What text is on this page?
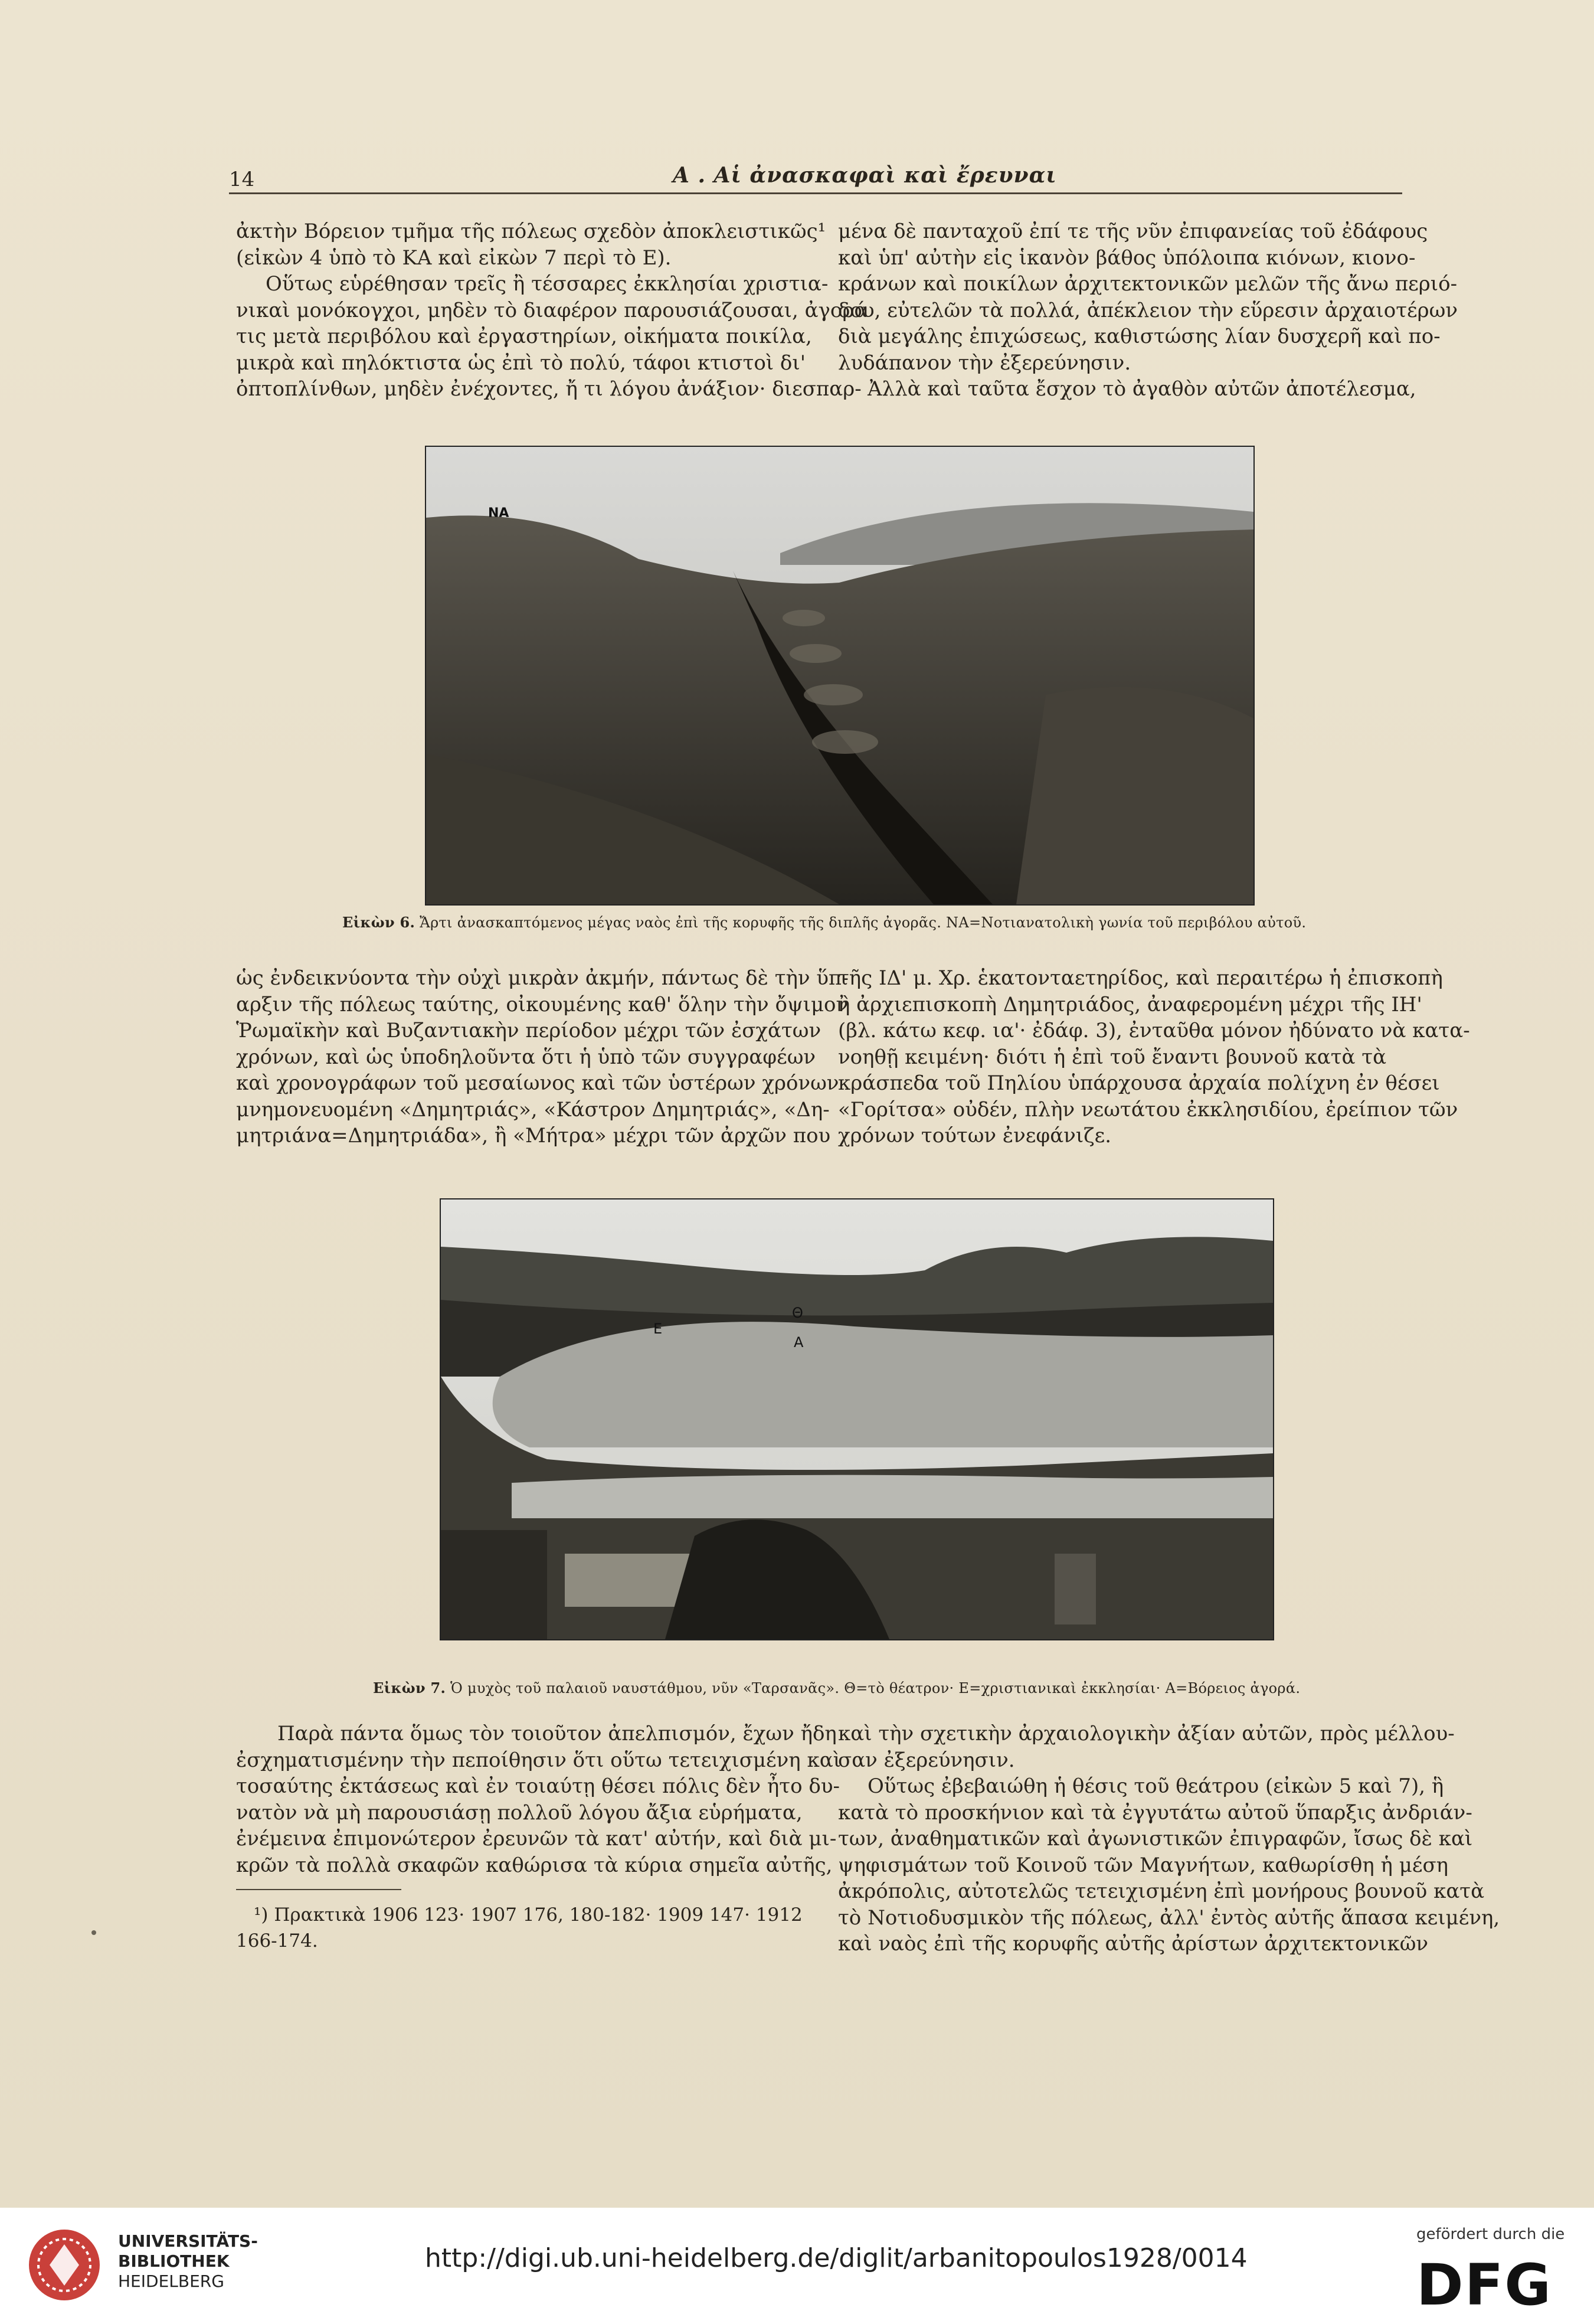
14	Α . Αἱ ἀνασκαφαὶ καὶ ἔρευναι
ἀκτὴν Βόρειον τμῆμα τῆς πόλεως σχεδὸν ἀποκλειστικῶς¹
(εἰκὼν 4 ὑπὸ τὸ ΚΑ καὶ εἰκὼν 7 περὶ τὸ Ε).
Οὕτως εὑρέθησαν τρεῖς ἢ τέσσαρες ἐκκλησίαι χριστια-
νικαὶ μονόκογχοι, μηδὲν τὸ διαφέρον παρουσιάζουσαι, ἀγορά
τις μετὰ περιβόλου καὶ ἐργαστηρίων, οἰκήματα ποικίλα,
μικρὰ καὶ πηλόκτιστα ὡς ἐπὶ τὸ πολύ, τάφοι κτιστοὶ δι'
ὀπτοπλίνθων, μηδὲν ἐνέχοντες, ἤ τι λόγου ἀνάξιον· διεσπαρ-
μένα δὲ πανταχοῦ ἐπί τε τῆς νῦν ἐπιφανείας τοῦ ἐδάφους
καὶ ὑπ' αὐτὴν εἰς ἱκανὸν βάθος ὑπόλοιπα κιόνων, κιονο-
κράνων καὶ ποικίλων ἀρχιτεκτονικῶν μελῶν τῆς ἄνω περιό-
δου, εὐτελῶν τὰ πολλά, ἀπέκλειον τὴν εὕρεσιν ἀρχαιοτέρων
διὰ μεγάλης ἐπιχώσεως, καθιστώσης λίαν δυσχερῆ καὶ πο-
λυδάπανον τὴν ἐξερεύνησιν.
Ἀλλὰ καὶ ταῦτα ἔσχον τὸ ἀγαθὸν αὐτῶν ἀποτέλεσμα,
ΝΑ
Εἰκὼν 6. Ἄρτι ἀνασκαπτόμενος μέγας ναὸς ἐπὶ τῆς κορυφῆς τῆς διπλῆς ἀγορᾶς. ΝΑ=Νοτιανατολικὴ γωνία τοῦ περιβόλου αὐτοῦ.
ὡς ἐνδεικνύοντα τὴν οὐχὶ μικρὰν ἀκμήν, πάντως δὲ τὴν ὕπ-
αρξιν τῆς πόλεως ταύτης, οἰκουμένης καθ' ὅλην τὴν ὄψιμον
Ῥωμαϊκὴν καὶ Βυζαντιακὴν περίοδον μέχρι τῶν ἐσχάτων
χρόνων, καὶ ὡς ὑποδηλοῦντα ὅτι ἡ ὑπὸ τῶν συγγραφέων
καὶ χρονογράφων τοῦ μεσαίωνος καὶ τῶν ὑστέρων χρόνων
μνημονευομένη «Δημητριάς», «Κάστρον Δημητριάς», «Δη-
μητριάνα=Δημητριάδα», ἢ «Μήτρα» μέχρι τῶν ἀρχῶν που
τῆς ΙΔ' μ. Χρ. ἑκατονταετηρίδος, καὶ περαιτέρω ἡ ἐπισκοπὴ
ἢ ἀρχιεπισκοπὴ Δημητριάδος, ἀναφερομένη μέχρι τῆς ΙΗ'
(βλ. κάτω κεφ. ια'· ἐδάφ. 3), ἐνταῦθα μόνον ἠδύνατο νὰ κατα-
νοηθῇ κειμένη· διότι ἡ ἐπὶ τοῦ ἔναντι βουνοῦ κατὰ τὰ
κράσπεδα τοῦ Πηλίου ὑπάρχουσα ἀρχαία πολίχνη ἐν θέσει
«Γορίτσα» οὐδέν, πλὴν νεωτάτου ἐκκλησιδίου, ἐρείπιον τῶν
χρόνων τούτων ἐνεφάνιζε.
Ε
Θ
Α
Εἰκὼν 7. Ὁ μυχὸς τοῦ παλαιοῦ ναυστάθμου, νῦν «Ταρσανᾶς». Θ=τὸ θέατρον· Ε=χριστιανικαὶ ἐκκλησίαι· Α=Βόρειος ἀγορά.
Παρὰ πάντα ὅμως τὸν τοιοῦτον ἀπελπισμόν, ἔχων ἤδη
ἐσχηματισμένην τὴν πεποίθησιν ὅτι οὕτω τετειχισμένη καὶ
τοσαύτης ἐκτάσεως καὶ ἐν τοιαύτῃ θέσει πόλις δὲν ἦτο δυ-
νατὸν νὰ μὴ παρουσιάσῃ πολλοῦ λόγου ἄξια εὑρήματα,
ἐνέμεινα ἐπιμονώτερον ἐρευνῶν τὰ κατ' αὐτήν, καὶ διὰ μι-
κρῶν τὰ πολλὰ σκαφῶν καθώρισα τὰ κύρια σημεῖα αὐτῆς,
καὶ τὴν σχετικὴν ἀρχαιολογικὴν ἀξίαν αὐτῶν, πρὸς μέλλου-
σαν ἐξερεύνησιν.
Οὕτως ἐβεβαιώθη ἡ θέσις τοῦ θεάτρου (εἰκὼν 5 καὶ 7), ἣ
κατὰ τὸ προσκήνιον καὶ τὰ ἐγγυτάτω αὐτοῦ ὕπαρξις ἀνδριάν-
των, ἀναθηματικῶν καὶ ἀγωνιστικῶν ἐπιγραφῶν, ἴσως δὲ καὶ
ψηφισμάτων τοῦ Κοινοῦ τῶν Μαγνήτων, καθωρίσθη ἡ μέση
ἀκρόπολις, αὐτοτελῶς τετειχισμένη ἐπὶ μονήρους βουνοῦ κατὰ
τὸ Νοτιοδυσμικὸν τῆς πόλεως, ἀλλ' ἐντὸς αὐτῆς ἅπασα κειμένη,
καὶ ναὸς ἐπὶ τῆς κορυφῆς αὐτῆς ἀρίστων ἀρχιτεκτονικῶν
¹) Πρακτικὰ 1906 123· 1907 176, 180-182· 1909 147· 1912
166-174.
UNIVERSITÄTS-
BIBLIOTHEK
HEIDELBERG
http://digi.ub.uni-heidelberg.de/diglit/arbanitopoulos1928/0014
gefördert durch die
DFG
